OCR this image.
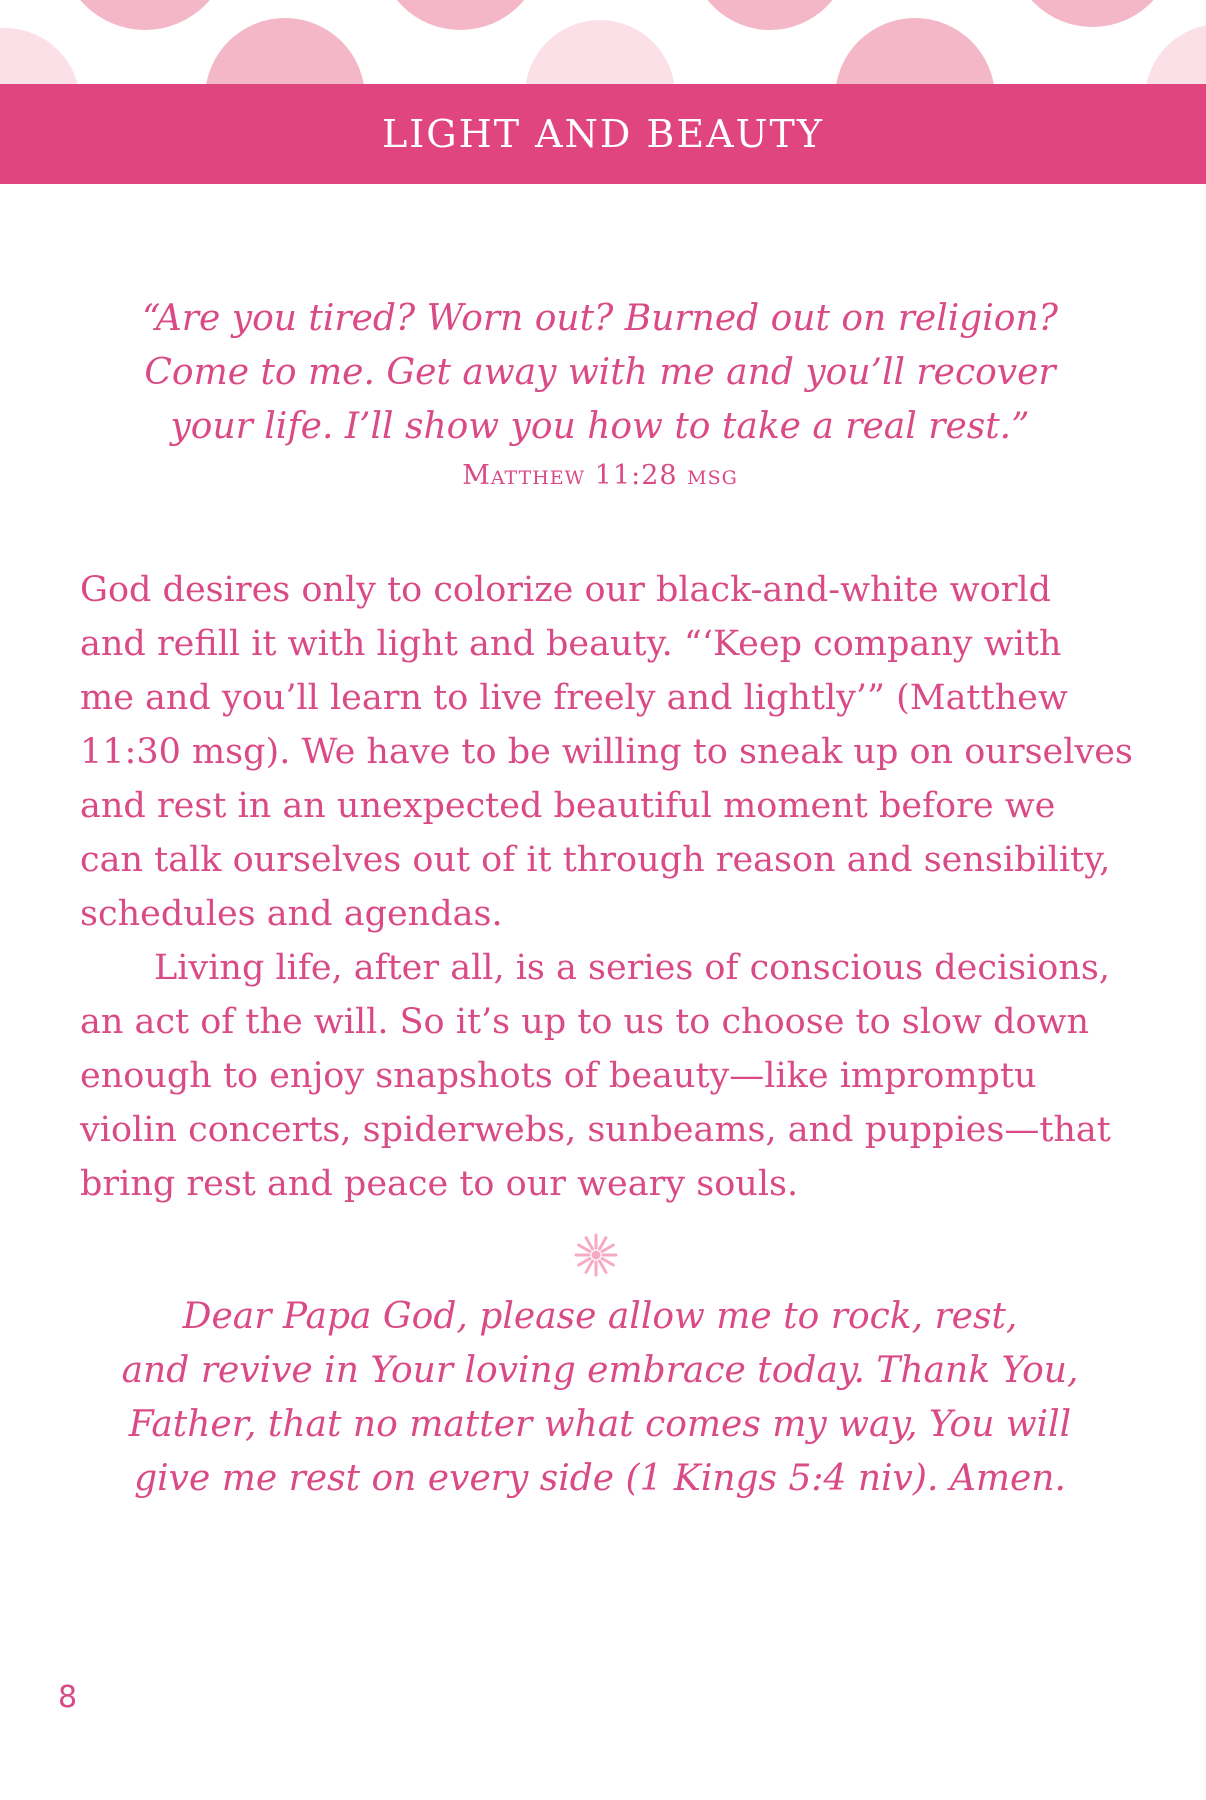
LIGHT AND BEAUTY
“Are you tired? Worn out? Burned out on religion?
Come to me. Get away with me and you’ll recover
your life. I’ll show you how to take a real rest.”
Matthew 11:28 msg
God desires only to colorize our black-and-white world
and refill it with light and beauty. “‘Keep company with
me and you’ll learn to live freely and lightly’” (Matthew
11:30 msg). We have to be willing to sneak up on ourselves
and rest in an unexpected beautiful moment before we
can talk ourselves out of it through reason and sensibility,
schedules and agendas.
Living life, after all, is a series of conscious decisions,
an act of the will. So it’s up to us to choose to slow down
enough to enjoy snapshots of beauty—like impromptu
violin concerts, spiderwebs, sunbeams, and puppies—that
bring rest and peace to our weary souls.
Dear Papa God, please allow me to rock, rest,
and revive in Your loving embrace today. Thank You,
Father, that no matter what comes my way, You will
give me rest on every side (1 Kings 5:4 niv). Amen.
8
